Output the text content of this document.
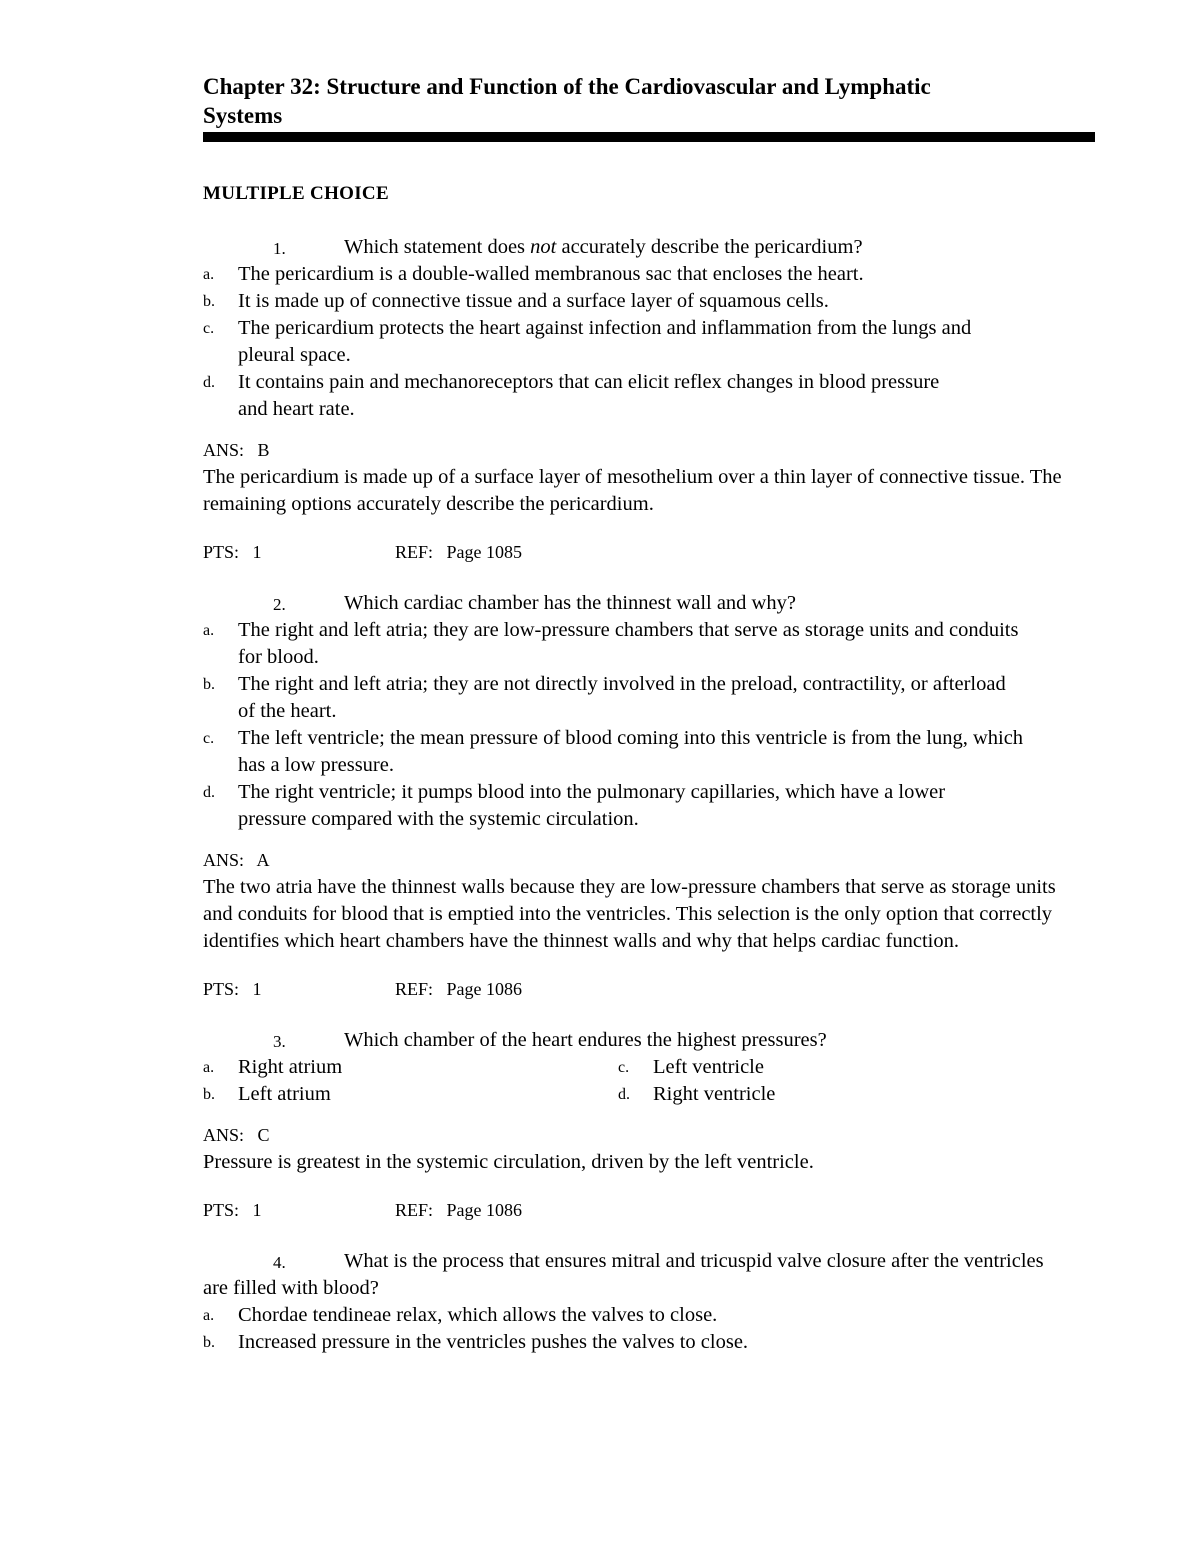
Chapter 32: Structure and Function of the Cardiovascular and Lymphatic
Systems
MULTIPLE CHOICE
1.	Which statement does not accurately describe the pericardium?
a. The pericardium is a double-walled membranous sac that encloses the heart.
b. It is made up of connective tissue and a surface layer of squamous cells.
c. The pericardium protects the heart against infection and inflammation from the lungs and pleural space.
d. It contains pain and mechanoreceptors that can elicit reflex changes in blood pressure and heart rate.
ANS:   B
The pericardium is made up of a surface layer of mesothelium over a thin layer of connective tissue. The remaining options accurately describe the pericardium.
PTS:   1	REF:   Page 1085
2.	Which cardiac chamber has the thinnest wall and why?
a. The right and left atria; they are low-pressure chambers that serve as storage units and conduits for blood.
b. The right and left atria; they are not directly involved in the preload, contractility, or afterload of the heart.
c. The left ventricle; the mean pressure of blood coming into this ventricle is from the lung, which has a low pressure.
d. The right ventricle; it pumps blood into the pulmonary capillaries, which have a lower pressure compared with the systemic circulation.
ANS:   A
The two atria have the thinnest walls because they are low-pressure chambers that serve as storage units and conduits for blood that is emptied into the ventricles. This selection is the only option that correctly identifies which heart chambers have the thinnest walls and why that helps cardiac function.
PTS:   1	REF:   Page 1086
3.	Which chamber of the heart endures the highest pressures?
a. Right atrium	c. Left ventricle
b. Left atrium	d. Right ventricle
ANS:   C
Pressure is greatest in the systemic circulation, driven by the left ventricle.
PTS:   1	REF:   Page 1086
4.	What is the process that ensures mitral and tricuspid valve closure after the ventricles are filled with blood?
a. Chordae tendineae relax, which allows the valves to close.
b. Increased pressure in the ventricles pushes the valves to close.
